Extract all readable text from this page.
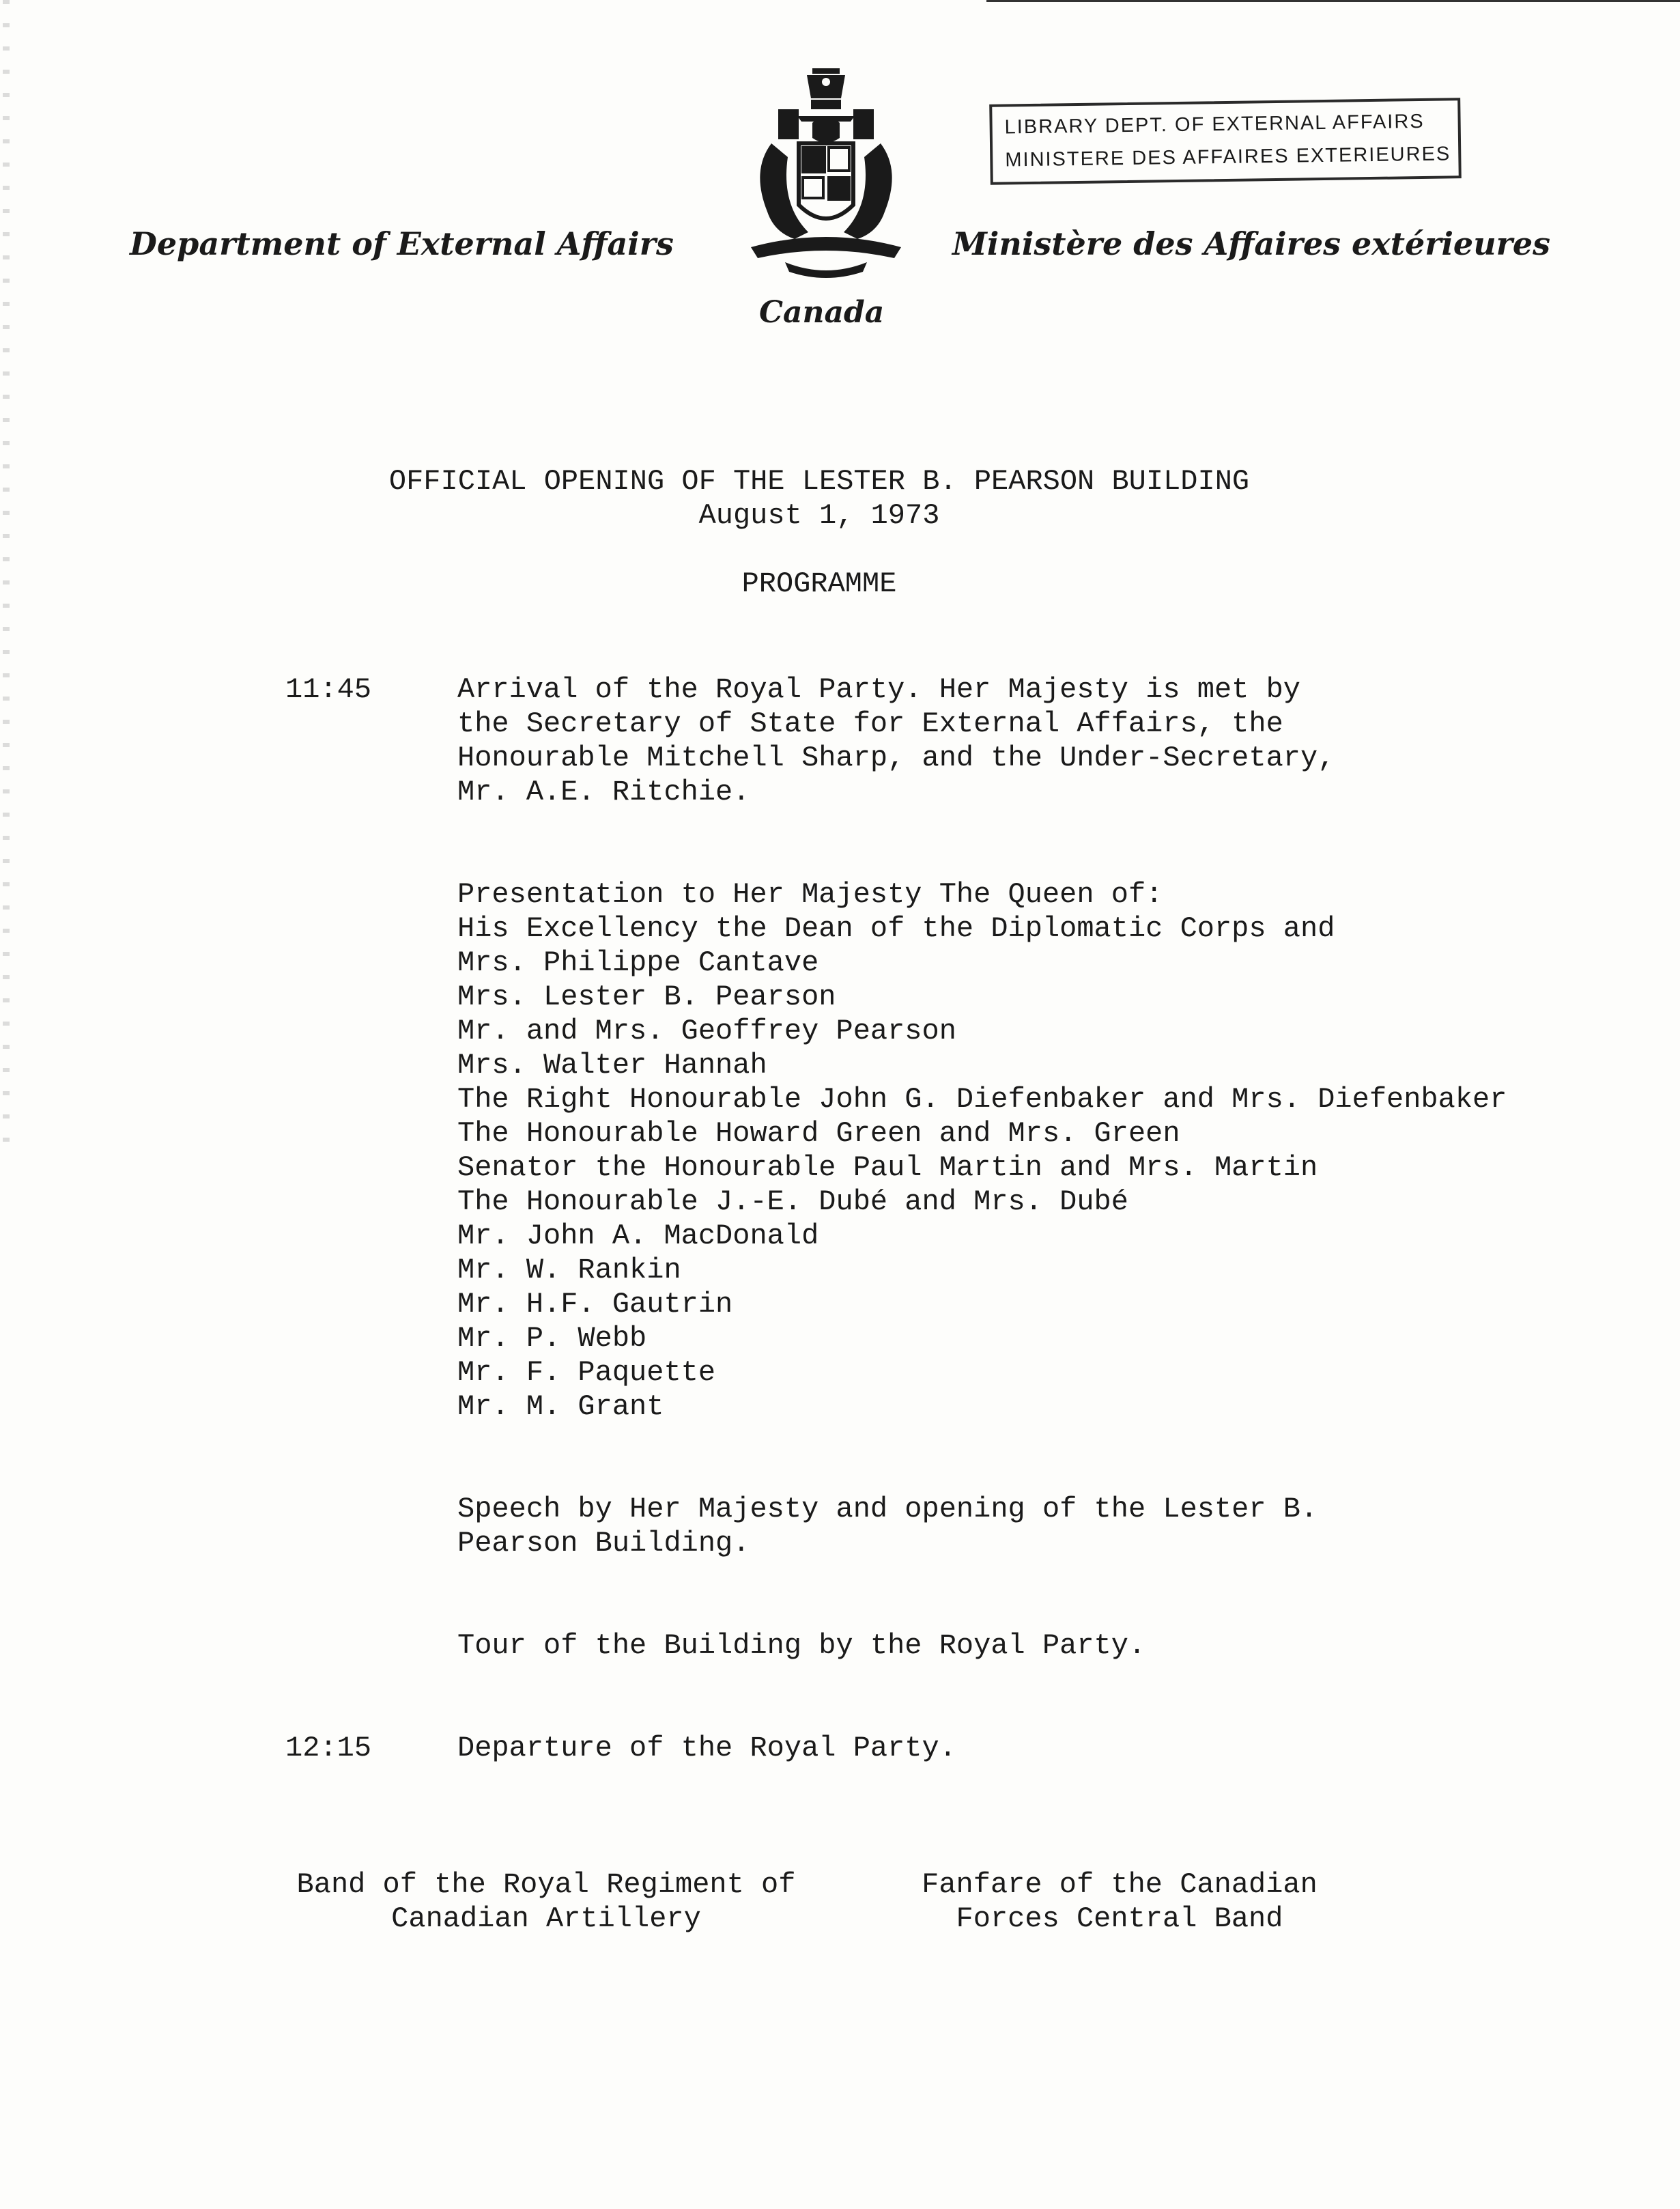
Department of External Affairs	Ministère des Affaires extérieures
Canada
LIBRARY DEPT. OF EXTERNAL AFFAIRS
MINISTERE DES AFFAIRES EXTERIEURES
OFFICIAL OPENING OF THE LESTER B. PEARSON BUILDING
August 1, 1973
PROGRAMME
11:45	Arrival of the Royal Party. Her Majesty is met by
the Secretary of State for External Affairs, the
Honourable Mitchell Sharp, and the Under-Secretary,
Mr. A.E. Ritchie.
Presentation to Her Majesty The Queen of:
His Excellency the Dean of the Diplomatic Corps and
Mrs. Philippe Cantave
Mrs. Lester B. Pearson
Mr. and Mrs. Geoffrey Pearson
Mrs. Walter Hannah
The Right Honourable John G. Diefenbaker and Mrs. Diefenbaker
The Honourable Howard Green and Mrs. Green
Senator the Honourable Paul Martin and Mrs. Martin
The Honourable J.-E. Dubé and Mrs. Dubé
Mr. John A. MacDonald
Mr. W. Rankin
Mr. H.F. Gautrin
Mr. P. Webb
Mr. F. Paquette
Mr. M. Grant
Speech by Her Majesty and opening of the Lester B.
Pearson Building.
Tour of the Building by the Royal Party.
12:15	Departure of the Royal Party.
Band of the Royal Regiment of
Canadian Artillery
Fanfare of the Canadian
Forces Central Band
